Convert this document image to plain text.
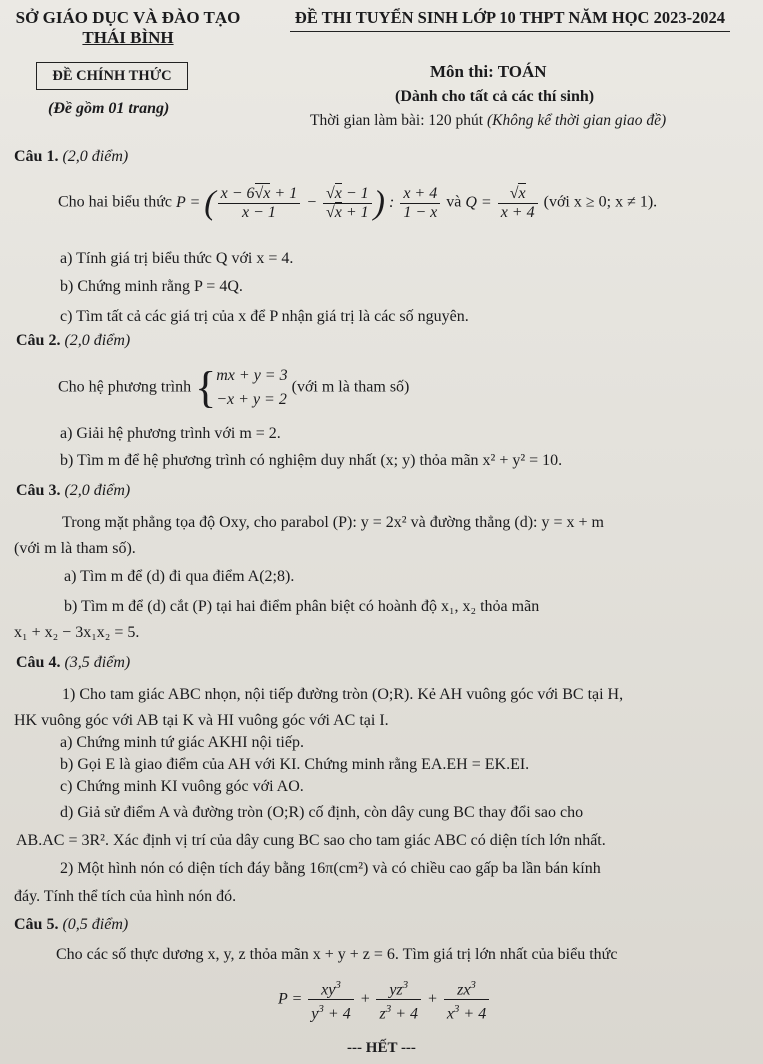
SỞ GIÁO DỤC VÀ ĐÀO TẠO
THÁI BÌNH
ĐỀ THI TUYỂN SINH LỚP 10 THPT NĂM HỌC 2023-2024
ĐỀ CHÍNH THỨC
(Đề gồm 01 trang)
Môn thi: TOÁN
(Dành cho tất cả các thí sinh)
Thời gian làm bài: 120 phút (Không kể thời gian giao đề)
Câu 1. (2,0 điểm)
Cho hai biểu thức P = ( $\frac{x - 6√x + 1}{x - 1} - \frac{√x - 1}{√x + 1}$ ) : $\frac{x + 4}{1 - x}$ và $Q = \frac{√x}{x + 4}$ (với x ≥ 0; x ≠ 1).
a) Tính giá trị biểu thức Q với x = 4.
b) Chứng minh rằng P = 4Q.
c) Tìm tất cả các giá trị của x để P nhận giá trị là các số nguyên.
Câu 2. (2,0 điểm)
Cho hệ phương trình { mx + y = 3
−x + y = 2
(với m là tham số)
a) Giải hệ phương trình với m = 2.
b) Tìm m để hệ phương trình có nghiệm duy nhất (x; y) thỏa mãn x² + y² = 10.
Câu 3. (2,0 điểm)
Trong mặt phẳng tọa độ Oxy, cho parabol (P): y = 2x² và đường thẳng (d): y = x + m
(với m là tham số).
a) Tìm m để (d) đi qua điểm A(2;8).
b) Tìm m để (d) cắt (P) tại hai điểm phân biệt có hoành độ x₁, x₂ thỏa mãn
x₁ + x₂ − 3x₁x₂ = 5.
Câu 4. (3,5 điểm)
1) Cho tam giác ABC nhọn, nội tiếp đường tròn (O;R). Kẻ AH vuông góc với BC tại H,
HK vuông góc với AB tại K và HI vuông góc với AC tại I.
a) Chứng minh tứ giác AKHI nội tiếp.
b) Gọi E là giao điểm của AH với KI. Chứng minh rằng EA.EH = EK.EI.
c) Chứng minh KI vuông góc với AO.
d) Giả sử điểm A và đường tròn (O;R) cố định, còn dây cung BC thay đổi sao cho
AB.AC = 3R². Xác định vị trí của dây cung BC sao cho tam giác ABC có diện tích lớn nhất.
2) Một hình nón có diện tích đáy bằng 16π(cm²) và có chiều cao gấp ba lần bán kính
đáy. Tính thể tích của hình nón đó.
Câu 5. (0,5 điểm)
Cho các số thực dương x, y, z thỏa mãn x + y + z = 6. Tìm giá trị lớn nhất của biểu thức
$P = \frac{xy^3}{y^3 + 4} + \frac{yz^3}{z^3 + 4} + \frac{zx^3}{x^3 + 4}$
--- HẾT ---
